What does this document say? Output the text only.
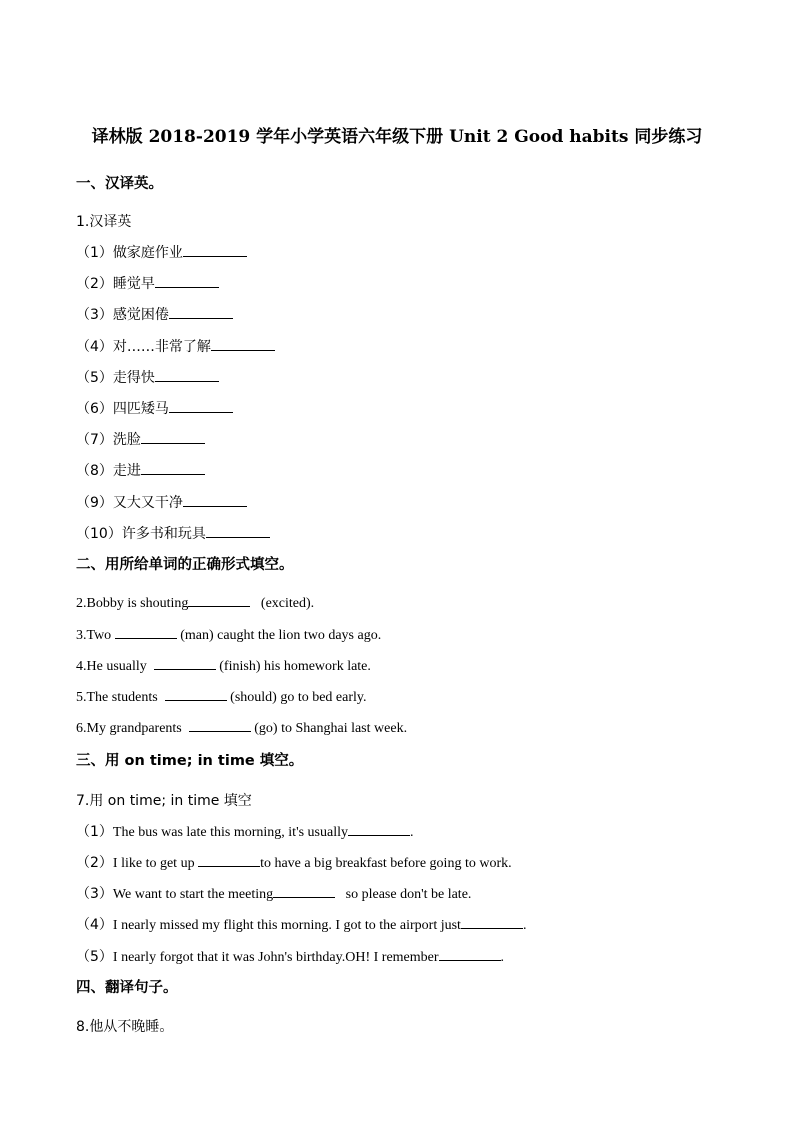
译林版 2018-2019 学年小学英语六年级下册 Unit 2 Good habits 同步练习
一、汉译英。
1.汉译英
（1）做家庭作业
（2）睡觉早
（3）感觉困倦
（4）对……非常了解
（5）走得快
（6）四匹矮马
（7）洗脸
（8）走进
（9）又大又干净
（10）许多书和玩具
二、用所给单词的正确形式填空。
2.Bobby is shouting	(excited).
3.Two	(man) caught the lion two days ago.
4.He usually	(finish) his homework late.
5.The students	(should) go to bed early.
6.My grandparents	(go) to Shanghai last week.
三、用 on time; in time 填空。
7.用 on time; in time 填空
（1）The bus was late this morning, it's usually	.
（2）I like to get up	to have a big breakfast before going to work.
（3）We want to start the meeting	so please don't be late.
（4）I nearly missed my flight this morning. I got to the airport just	.
（5）I nearly forgot that it was John's birthday.OH! I remember	.
四、翻译句子。
8.他从不晚睡。
